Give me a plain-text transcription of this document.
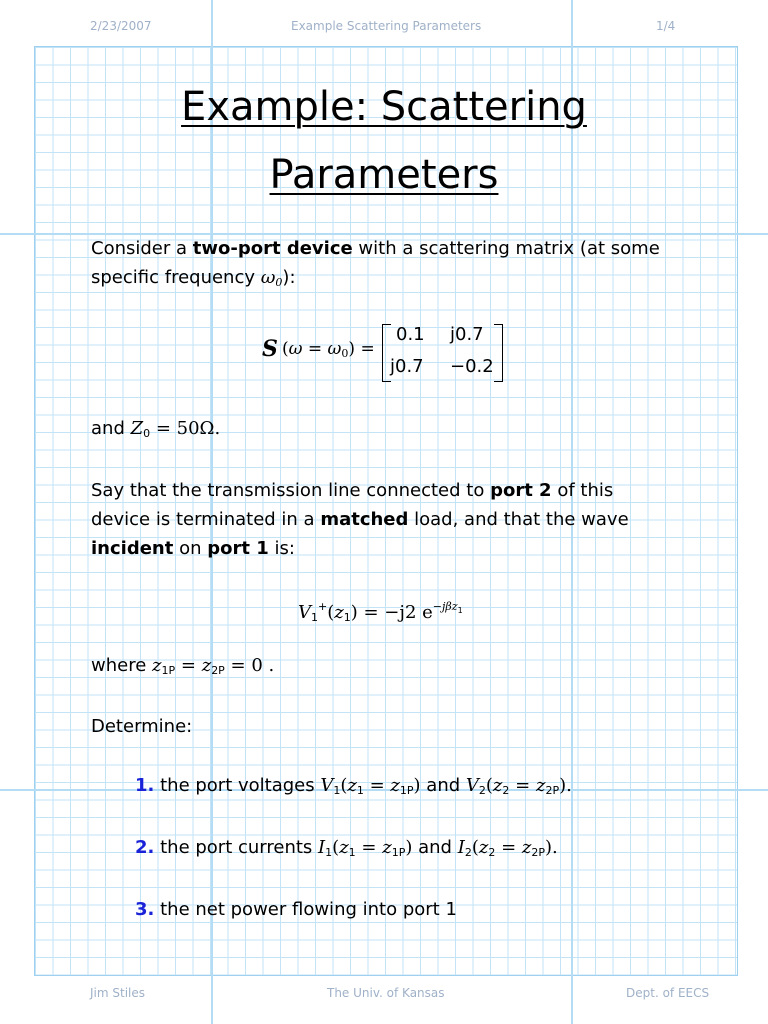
2/23/2007	Example Scattering Parameters	1/4
Example: Scattering
Parameters
Consider a two-port device with a scattering matrix (at some
specific frequency $\omega_0$):
S $(\omega = \omega_0)$ =
0.1 j0.7
j0.7 −0.2
and $Z_0 = 50\Omega$.
Say that the transmission line connected to port 2 of this
device is terminated in a matched load, and that the wave
incident on port 1 is:
$V_1^+(z_1) = -j2$ $e^{-j\beta z_1}$
where $z_{1P} = z_{2P} = 0$ .
Determine:
1. the port voltages $V_1(z_1 = z_{1P})$ and $V_2(z_2 = z_{2P})$.
2. the port currents $I_1(z_1 = z_{1P})$ and $I_2(z_2 = z_{2P})$.
3. the net power flowing into port 1
Jim Stiles	The Univ. of Kansas	Dept. of EECS
